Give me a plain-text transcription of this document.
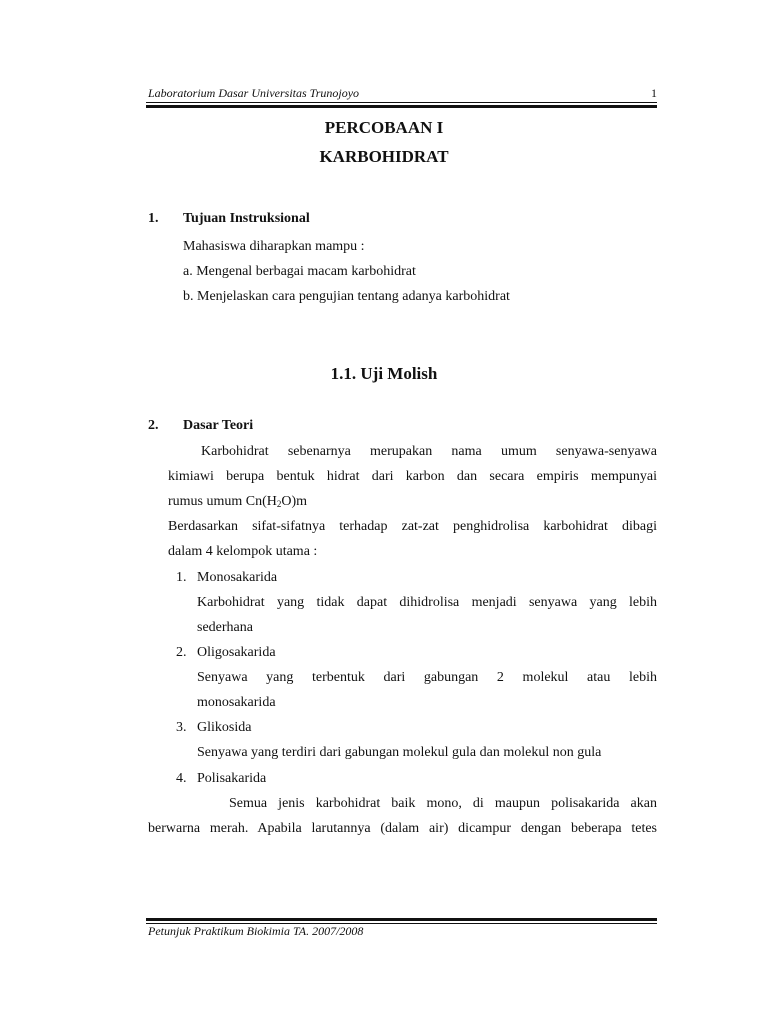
Laboratorium Dasar Universitas Trunojoyo	1
PERCOBAAN I
KARBOHIDRAT
1. Tujuan Instruksional
Mahasiswa diharapkan mampu :
a. Mengenal berbagai macam karbohidrat
b. Menjelaskan cara pengujian tentang adanya karbohidrat
1.1. Uji Molish
2. Dasar Teori
Karbohidrat sebenarnya merupakan nama umum senyawa-senyawa
kimiawi berupa bentuk hidrat dari karbon dan secara empiris mempunyai
rumus umum $Cn(H_2O)m$
Berdasarkan sifat-sifatnya terhadap zat-zat penghidrolisa karbohidrat dibagi
dalam 4 kelompok utama :
1. Monosakarida
Karbohidrat yang tidak dapat dihidrolisa menjadi senyawa yang lebih
sederhana
2. Oligosakarida
Senyawa yang terbentuk dari gabungan 2 molekul atau lebih
monosakarida
3. Glikosida
Senyawa yang terdiri dari gabungan molekul gula dan molekul non gula
4. Polisakarida
Semua jenis karbohidrat baik mono, di maupun polisakarida akan
berwarna merah. Apabila larutannya (dalam air) dicampur dengan beberapa tetes
Petunjuk Praktikum Biokimia TA. 2007/2008
